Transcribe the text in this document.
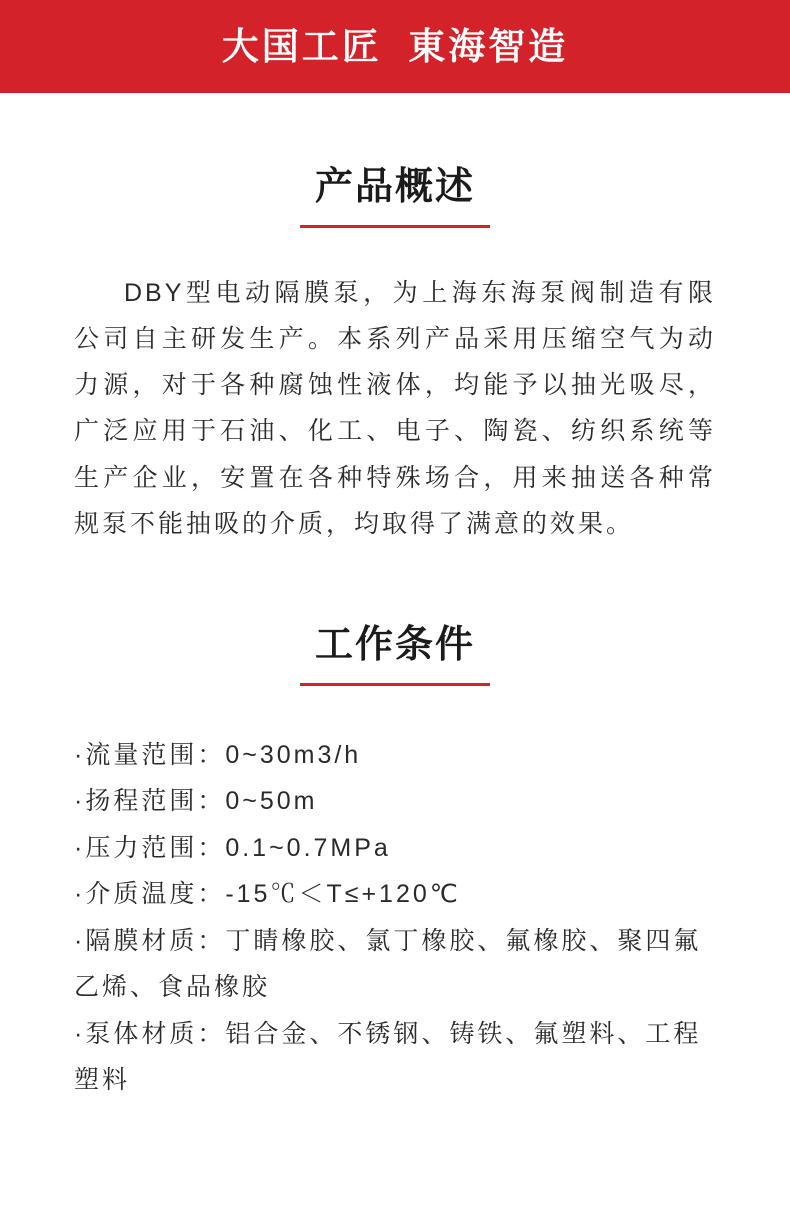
大国工匠  東海智造
产品概述
DBY型电动隔膜泵，为上海东海泵阀制造有限公司自主研发生产。本系列产品采用压缩空气为动力源，对于各种腐蚀性液体，均能予以抽光吸尽，广泛应用于石油、化工、电子、陶瓷、纺织系统等生产企业，安置在各种特殊场合，用来抽送各种常规泵不能抽吸的介质，均取得了满意的效果。
工作条件
·流量范围：0~30m3/h
·扬程范围：0~50m
·压力范围：0.1~0.7MPa
·介质温度：-15℃＜T≤+120℃
·隔膜材质：丁睛橡胶、氯丁橡胶、氟橡胶、聚四氟乙烯、食品橡胶
·泵体材质：铝合金、不锈钢、铸铁、氟塑料、工程塑料
